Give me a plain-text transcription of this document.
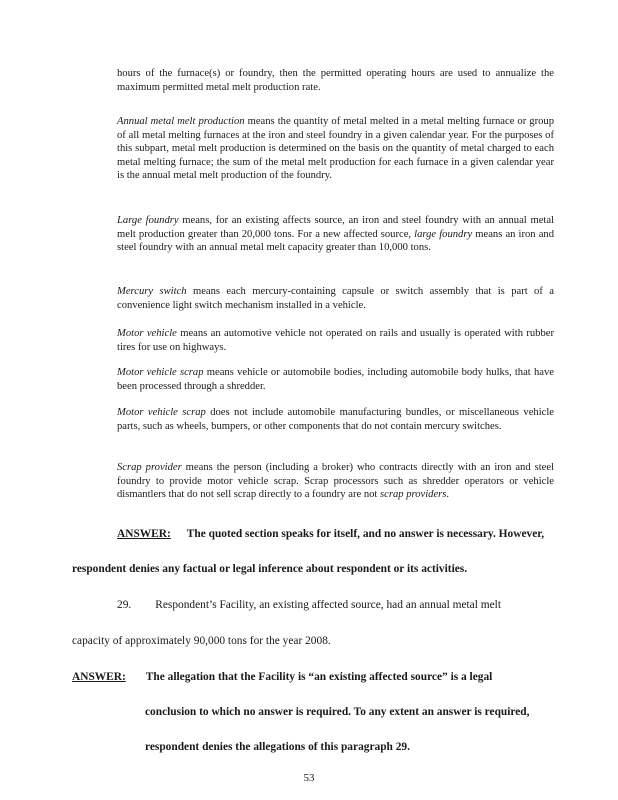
hours of the furnace(s) or foundry, then the permitted operating hours are used to annualize the maximum permitted metal melt production rate.

Annual metal melt production means the quantity of metal melted in a metal melting furnace or group of all metal melting furnaces at the iron and steel foundry in a given calendar year. For the purposes of this subpart, metal melt production is determined on the basis on the quantity of metal charged to each metal melting furnace; the sum of the metal melt production for each furnace in a given calendar year is the annual metal melt production of the foundry.

Large foundry means, for an existing affects source, an iron and steel foundry with an annual metal melt production greater than 20,000 tons. For a new affected source, large foundry means an iron and steel foundry with an annual metal melt capacity greater than 10,000 tons.

Mercury switch means each mercury-containing capsule or switch assembly that is part of a convenience light switch mechanism installed in a vehicle.

Motor vehicle means an automotive vehicle not operated on rails and usually is operated with rubber tires for use on highways.

Motor vehicle scrap means vehicle or automobile bodies, including automobile body hulks, that have been processed through a shredder.

Motor vehicle scrap does not include automobile manufacturing bundles, or miscellaneous vehicle parts, such as wheels, bumpers, or other components that do not contain mercury switches.

Scrap provider means the person (including a broker) who contracts directly with an iron and steel foundry to provide motor vehicle scrap. Scrap processors such as shredder operators or vehicle dismantlers that do not sell scrap directly to a foundry are not scrap providers.

ANSWER: The quoted section speaks for itself, and no answer is necessary. However,

respondent denies any factual or legal inference about respondent or its activities.

29. Respondent’s Facility, an existing affected source, had an annual metal melt

capacity of approximately 90,000 tons for the year 2008.

ANSWER: The allegation that the Facility is “an existing affected source” is a legal

conclusion to which no answer is required. To any extent an answer is required,

respondent denies the allegations of this paragraph 29.

53
